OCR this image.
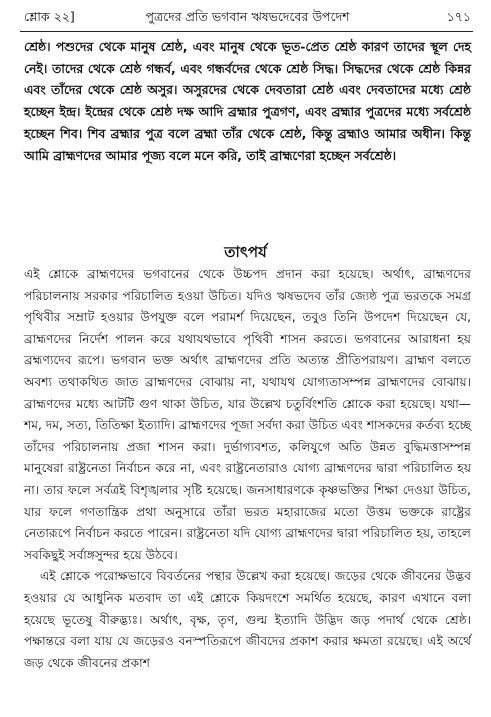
শ্লোক ২২]	পুত্রদের প্রতি ভগবান ঋষভদেবের উপদেশ	১৭১

শ্রেষ্ঠ। পশুদের থেকে মানুষ শ্রেষ্ঠ, এবং মানুষ থেকে ভূত-প্রেত শ্রেষ্ঠ কারণ তাদের স্থূল দেহ নেই। তাদের থেকে শ্রেষ্ঠ গন্ধর্ব, এবং গন্ধর্বদের থেকে শ্রেষ্ঠ সিদ্ধ। সিদ্ধদের থেকে শ্রেষ্ঠ কিন্নর এবং তাঁদের থেকে শ্রেষ্ঠ অসুর। অসুরদের থেকে দেবতারা শ্রেষ্ঠ এবং দেবতাদের মধ্যে শ্রেষ্ঠ হচ্ছেন ইন্দ্র। ইন্দ্রের থেকে শ্রেষ্ঠ দক্ষ আদি ব্রহ্মার পুত্রগণ, এবং ব্রহ্মার পুত্রদের মধ্যে সর্বশ্রেষ্ঠ হচ্ছেন শিব। শিব ব্রহ্মার পুত্র বলে ব্রহ্মা তাঁর থেকে শ্রেষ্ঠ, কিন্তু ব্রহ্মাও আমার অধীন। কিন্তু আমি ব্রাহ্মণদের আমার পূজ্য বলে মনে করি, তাই ব্রাহ্মণেরা হচ্ছেন সর্বশ্রেষ্ঠ।

তাৎপর্য

এই শ্লোকে ব্রাহ্মণদের ভগবানের থেকে উচ্চপদ প্রদান করা হয়েছে। অর্থাৎ, ব্রাহ্মণদের পরিচালনায় সরকার পরিচালিত হওয়া উচিত। যদিও ঋষভদেব তাঁর জ্যেষ্ঠ পুত্র ভরতকে সমগ্র পৃথিবীর সম্রাট হওয়ার উপযুক্ত বলে পরামর্শ দিয়েছেন, তবুও তিনি উপদেশ দিয়েছেন যে, ব্রাহ্মণদের নির্দেশ পালন করে যথাযথভাবে পৃথিবী শাসন করতে। ভগবানের আরাধনা হয় ব্রহ্মণ্যদেব রূপে। ভগবান ভক্ত অর্থাৎ ব্রাহ্মণদের প্রতি অত্যন্ত প্রীতিপরায়ণ। ব্রাহ্মণ বলতে অবশ্য তথাকথিত জাত ব্রাহ্মণদের বোঝায় না, যথাযথ যোগ্যতাসম্পন্ন ব্রাহ্মণদের বোঝায়। ব্রাহ্মণদের মধ্যে আটটি গুণ থাকা উচিত, যার উল্লেখ চতুর্বিংশতি শ্লোকে করা হয়েছে। যথা—শম, দম, সত্য, তিতিক্ষা ইত্যাদি। ব্রাহ্মণদের পূজা সর্বদা করা উচিত এবং শাসকদের কর্তব্য হচ্ছে তাঁদের পরিচালনায় প্রজা শাসন করা। দুর্ভাগ্যবশত, কলিযুগে অতি উন্নত বুদ্ধিমত্তাসম্পন্ন মানুষেরা রাষ্ট্রনেতা নির্বাচন করে না, এবং রাষ্ট্রনেতারাও যোগ্য ব্রাহ্মণদের দ্বারা পরিচালিত হয় না। তার ফলে সর্বত্রই বিশৃঙ্খলার সৃষ্টি হয়েছে। জনসাধারণকে কৃষ্ণভক্তির শিক্ষা দেওয়া উচিত, যার ফলে গণতান্ত্রিক প্রথা অনুসারে তাঁরা ভরত মহারাজের মতো উত্তম ভক্তকে রাষ্ট্রের নেতারূপে নির্বাচন করতে পারেন। রাষ্ট্রনেতা যদি যোগ্য ব্রাহ্মণদের দ্বারা পরিচালিত হয়, তাহলে সবকিছুই সর্বাঙ্গসুন্দর হয়ে উঠবে।

এই শ্লোকে পরোক্ষভাবে বিবর্তনের পন্থার উল্লেখ করা হয়েছে। জড়ের থেকে জীবনের উদ্ভব হওয়ার যে আধুনিক মতবাদ তা এই শ্লোকে কিয়দংশে সমর্থিত হয়েছে, কারণ এখানে বলা হয়েছে ভূতেষু বীরুদ্ভ্যঃ। অর্থাৎ, বৃক্ষ, তৃণ, গুল্ম ইত্যাদি উদ্ভিদ জড় পদার্থ থেকে শ্রেষ্ঠ। পক্ষান্তরে বলা যায় যে জড়েরও বনস্পতিরূপে জীবদের প্রকাশ করার ক্ষমতা রয়েছে। এই অর্থে জড় থেকে জীবনের প্রকাশ
